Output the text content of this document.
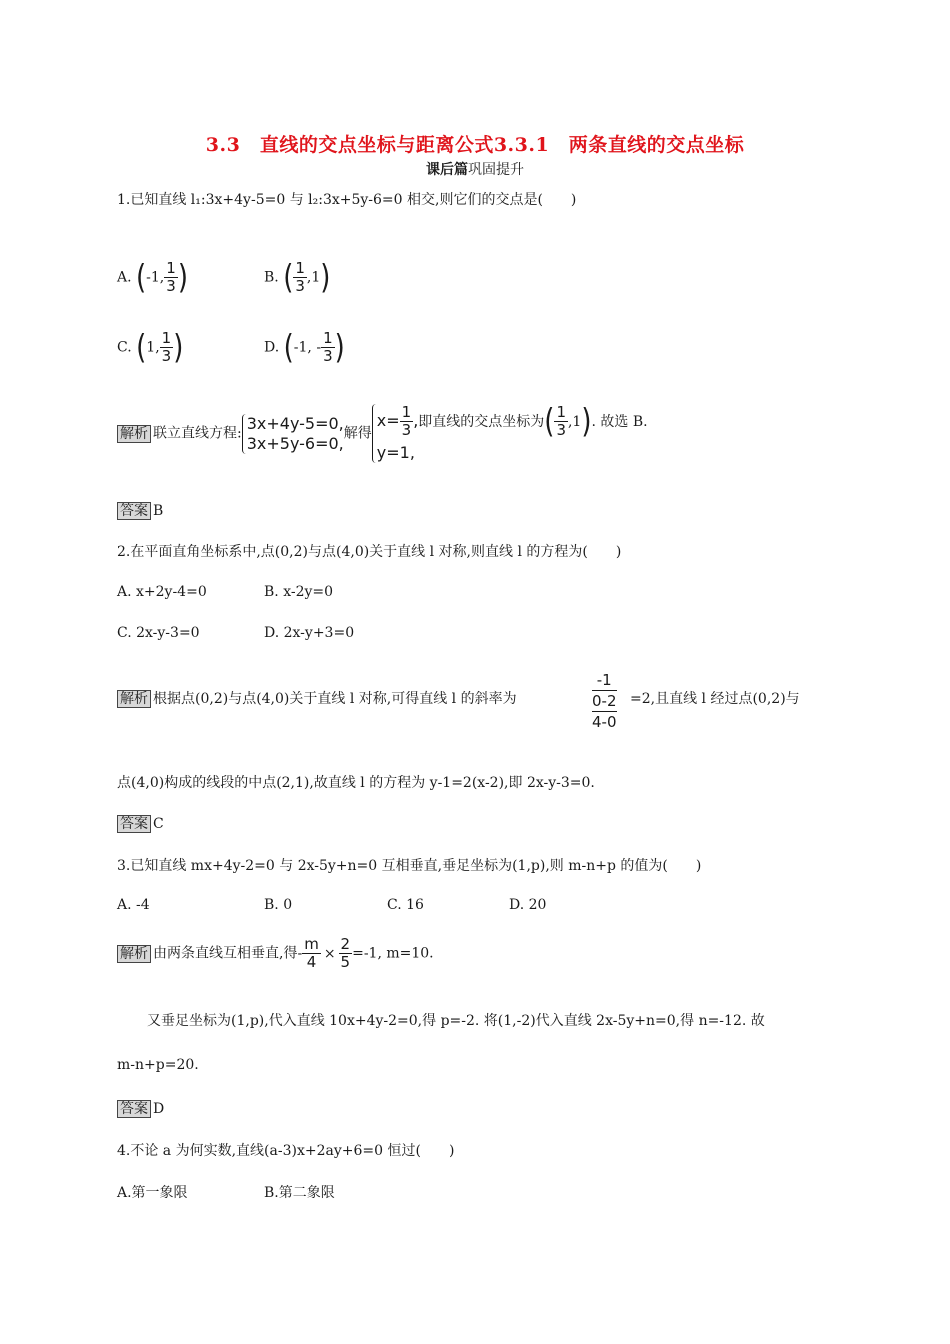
3.3　直线的交点坐标与距离公式3.3.1　两条直线的交点坐标
课后篇巩固提升
1.已知直线 l₁:3x+4y-5=0 与 l₂:3x+5y-6=0 相交,则它们的交点是(　　)
A. (-1, $\frac{1}{3}$ )	B. ( $\frac{1}{3} ,1$)
C. (1, $\frac{1}{3}$ )	D. (-1, - $\frac{1}{3}$ )
解析 联立直线方程:
3x+4y-5=0,
3x+5y-6=0, 解得
$x= \frac{1}{3}$ ,即直线的交点坐标为( $\frac{1}{3} ,1$). 故选 B.
y=1,
答案 B
2.在平面直角坐标系中,点(0,2)与点(4,0)关于直线 l 对称,则直线 l 的方程为(　　)
A. x+2y-4=0	B. x-2y=0
C. 2x-y-3=0	D. 2x-y+3=0
解析 根据点(0,2)与点(4,0)关于直线 l 对称,可得直线 l 的斜率为
-1
0-2
4-0
=2,且直线 l 经过点(0,2)与
点(4,0)构成的线段的中点(2,1),故直线 l 的方程为 y-1=2(x-2),即 2x-y-3=0.
答案 C
3.已知直线 mx+4y-2=0 与 2x-5y+n=0 互相垂直,垂足坐标为(1,p),则 m-n+p 的值为(　　)
A. -4	B. 0	C. 16	D. 20
解析 由两条直线互相垂直,得- $\frac{m}{4} \times \frac{2}{5} =-1$, m=10.
又垂足坐标为(1,p),代入直线 10x+4y-2=0,得 p=-2. 将(1,-2)代入直线 2x-5y+n=0,得 n=-12. 故
m-n+p=20.
答案 D
4.不论 a 为何实数,直线(a-3)x+2ay+6=0 恒过(　　)
A.第一象限	B.第二象限
